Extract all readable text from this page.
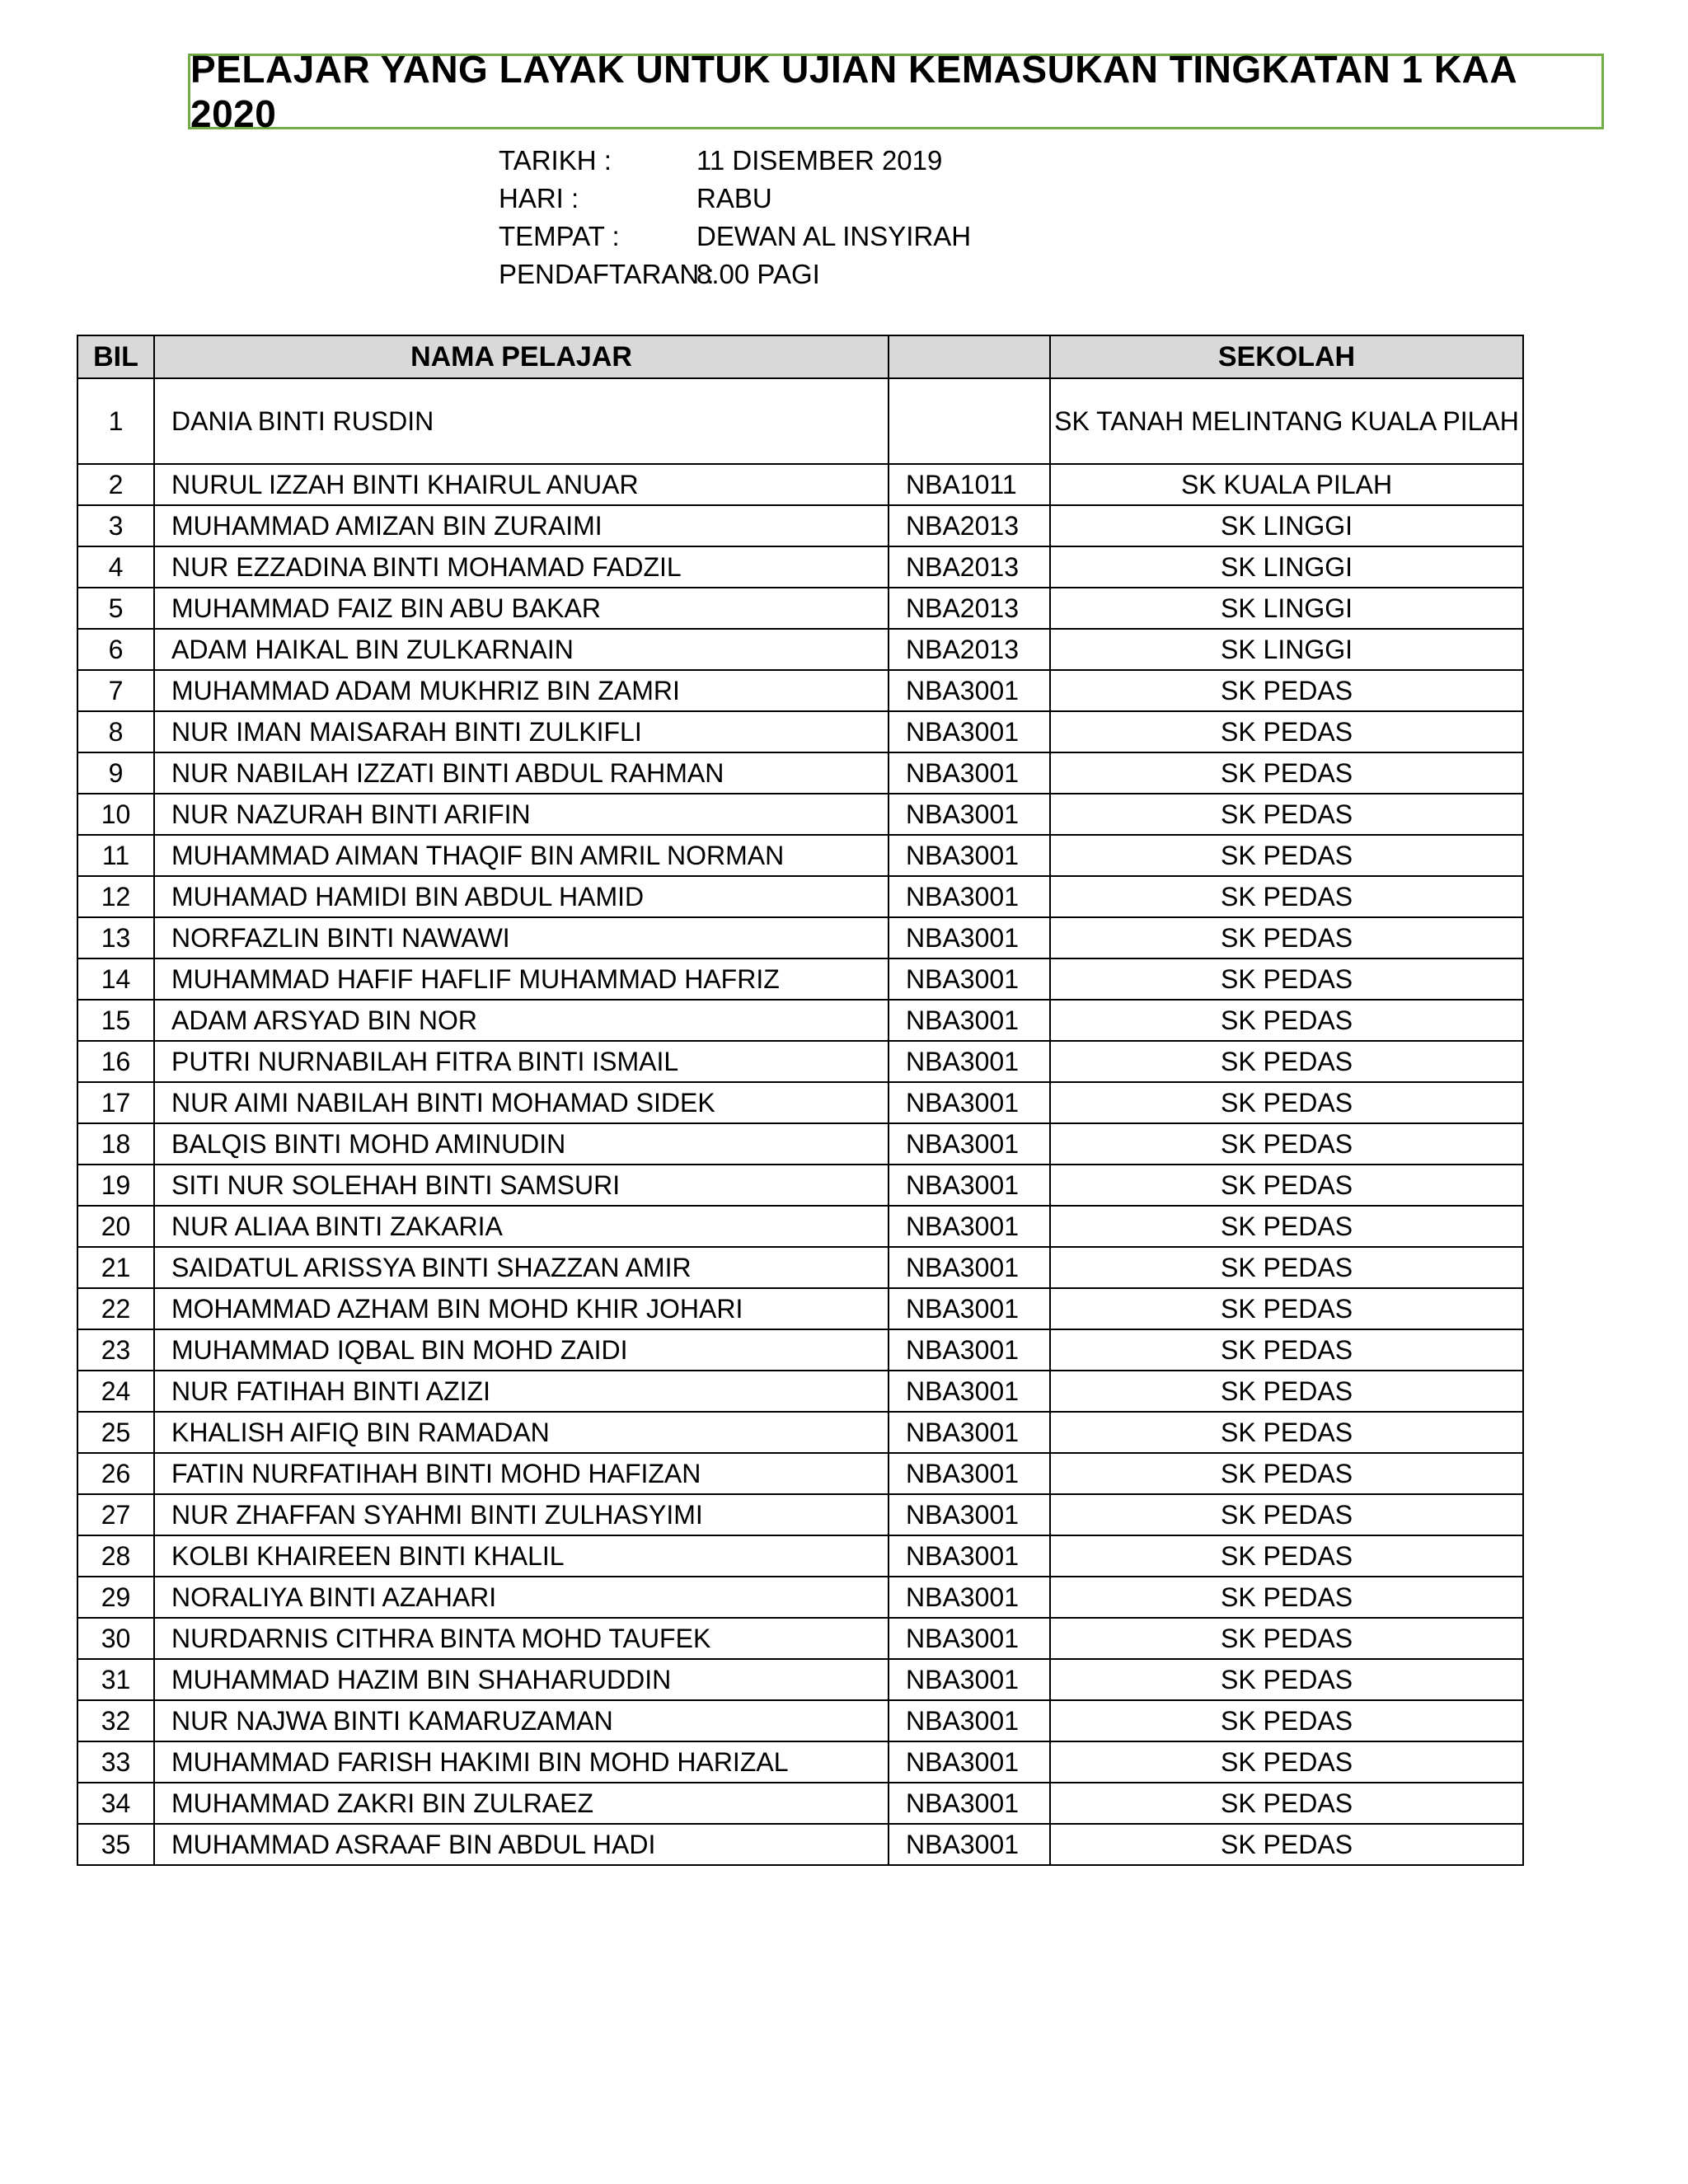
PELAJAR YANG LAYAK UNTUK UJIAN KEMASUKAN TINGKATAN 1 KAA 2020
TARIKH :	11 DISEMBER 2019
HARI :	RABU
TEMPAT :	DEWAN AL INSYIRAH
PENDAFTARAN :
8.00 PAGI
BIL	NAMA PELAJAR		SEKOLAH
1	DANIA BINTI RUSDIN		SK TANAH MELINTANG KUALA PILAH
2	NURUL IZZAH BINTI KHAIRUL ANUAR	NBA1011	SK KUALA PILAH
3	MUHAMMAD AMIZAN BIN ZURAIMI	NBA2013	SK LINGGI
4	NUR EZZADINA BINTI MOHAMAD FADZIL	NBA2013	SK LINGGI
5	MUHAMMAD FAIZ BIN ABU BAKAR	NBA2013	SK LINGGI
6	ADAM HAIKAL BIN ZULKARNAIN	NBA2013	SK LINGGI
7	MUHAMMAD ADAM MUKHRIZ BIN ZAMRI	NBA3001	SK PEDAS
8	NUR IMAN MAISARAH BINTI ZULKIFLI	NBA3001	SK PEDAS
9	NUR NABILAH IZZATI BINTI ABDUL RAHMAN	NBA3001	SK PEDAS
10	NUR NAZURAH BINTI ARIFIN	NBA3001	SK PEDAS
11	MUHAMMAD AIMAN THAQIF BIN AMRIL NORMAN	NBA3001	SK PEDAS
12	MUHAMAD HAMIDI BIN ABDUL HAMID	NBA3001	SK PEDAS
13	NORFAZLIN BINTI NAWAWI	NBA3001	SK PEDAS
14	MUHAMMAD HAFIF HAFLIF MUHAMMAD HAFRIZ	NBA3001	SK PEDAS
15	ADAM ARSYAD BIN NOR	NBA3001	SK PEDAS
16	PUTRI NURNABILAH FITRA BINTI ISMAIL	NBA3001	SK PEDAS
17	NUR AIMI NABILAH BINTI MOHAMAD SIDEK	NBA3001	SK PEDAS
18	BALQIS BINTI MOHD AMINUDIN	NBA3001	SK PEDAS
19	SITI NUR SOLEHAH BINTI SAMSURI	NBA3001	SK PEDAS
20	NUR ALIAA BINTI ZAKARIA	NBA3001	SK PEDAS
21	SAIDATUL ARISSYA BINTI SHAZZAN AMIR	NBA3001	SK PEDAS
22	MOHAMMAD AZHAM BIN MOHD KHIR JOHARI	NBA3001	SK PEDAS
23	MUHAMMAD IQBAL BIN MOHD ZAIDI	NBA3001	SK PEDAS
24	NUR FATIHAH BINTI AZIZI	NBA3001	SK PEDAS
25	KHALISH AIFIQ BIN RAMADAN	NBA3001	SK PEDAS
26	FATIN NURFATIHAH BINTI MOHD HAFIZAN	NBA3001	SK PEDAS
27	NUR ZHAFFAN SYAHMI BINTI ZULHASYIMI	NBA3001	SK PEDAS
28	KOLBI KHAIREEN BINTI KHALIL	NBA3001	SK PEDAS
29	NORALIYA BINTI AZAHARI	NBA3001	SK PEDAS
30	NURDARNIS CITHRA BINTA MOHD TAUFEK	NBA3001	SK PEDAS
31	MUHAMMAD HAZIM BIN SHAHARUDDIN	NBA3001	SK PEDAS
32	NUR NAJWA BINTI KAMARUZAMAN	NBA3001	SK PEDAS
33	MUHAMMAD FARISH HAKIMI BIN MOHD HARIZAL	NBA3001	SK PEDAS
34	MUHAMMAD ZAKRI BIN ZULRAEZ	NBA3001	SK PEDAS
35	MUHAMMAD ASRAAF BIN ABDUL HADI	NBA3001	SK PEDAS
